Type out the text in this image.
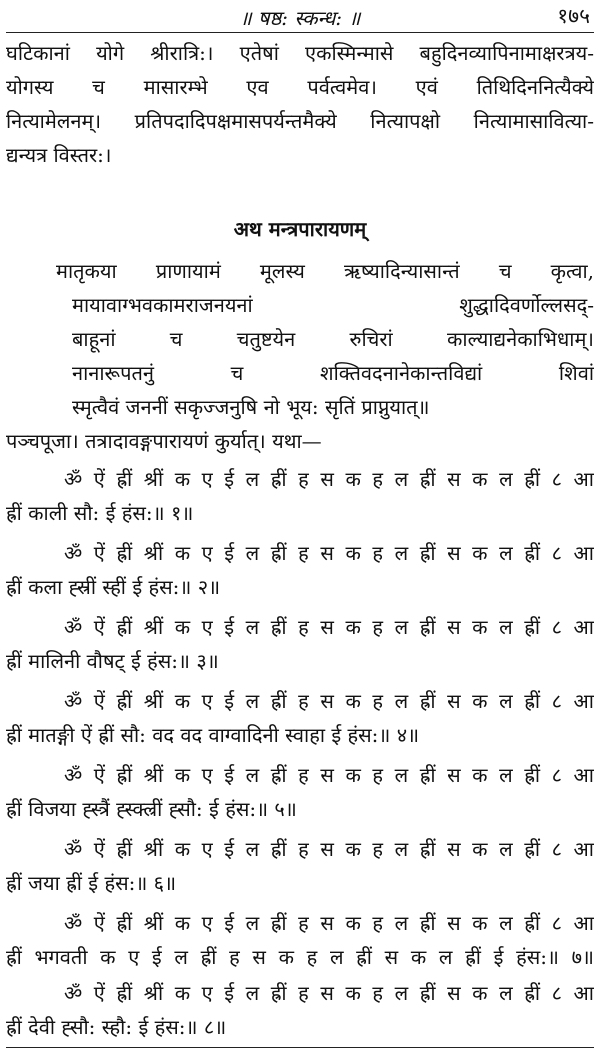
॥ षष्ठ: स्कन्ध: ॥	१७५
घटिकानां योगे श्रीरात्रि:। एतेषां एकस्मिन्मासे बहुदिनव्यापिनामाक्षरत्रय-
योगस्य च मासारम्भे एव पर्वत्वमेव। एवं तिथिदिननित्यैक्ये
नित्यामेलनम्। प्रतिपदादिपक्षमासपर्यन्तमैक्ये नित्यापक्षो नित्यामासावित्या-
द्यन्यत्र विस्तर:।
अथ मन्त्रपारायणम्
मातृकया प्राणायामं मूलस्य ऋष्यादिन्यासान्तं च कृत्वा,
मायावाग्भवकामराजनयनां शुद्धादिवर्णोल्लसद्-
बाहूनां च चतुष्टयेन रुचिरां काल्याद्यनेकाभिधाम्।
नानारूपतनुं च शक्तिवदनानेकान्तविद्यां शिवां
स्मृत्वैवं जननीं सकृज्जनुषि नो भूय: सृतिं प्राप्नुयात्॥
पञ्चपूजा। तत्रादावङ्गपारायणं कुर्यात्। यथा—
ॐ ऐं ह्रीं श्रीं क ए ई ल ह्रीं ह स क ह ल ह्रीं स क ल ह्रीं ८ आ
ह्रीं काली सौ: ई हंस:॥ १॥
ॐ ऐं ह्रीं श्रीं क ए ई ल ह्रीं ह स क ह ल ह्रीं स क ल ह्रीं ८ आ
ह्रीं कला ह्स्रीं स्हीं ई हंस:॥ २॥
ॐ ऐं ह्रीं श्रीं क ए ई ल ह्रीं ह स क ह ल ह्रीं स क ल ह्रीं ८ आ
ह्रीं मालिनी वौषट् ई हंस:॥ ३॥
ॐ ऐं ह्रीं श्रीं क ए ई ल ह्रीं ह स क ह ल ह्रीं स क ल ह्रीं ८ आ
ह्रीं मातङ्गी ऐं ह्रीं सौ: वद वद वाग्वादिनी स्वाहा ई हंस:॥ ४॥
ॐ ऐं ह्रीं श्रीं क ए ई ल ह्रीं ह स क ह ल ह्रीं स क ल ह्रीं ८ आ
ह्रीं विजया ह्स्त्रैं ह्स्क्ल्रीं ह्सौ: ई हंस:॥ ५॥
ॐ ऐं ह्रीं श्रीं क ए ई ल ह्रीं ह स क ह ल ह्रीं स क ल ह्रीं ८ आ
ह्रीं जया ह्रीं ई हंस:॥ ६॥
ॐ ऐं ह्रीं श्रीं क ए ई ल ह्रीं ह स क ह ल ह्रीं स क ल ह्रीं ८ आ
ह्रीं भगवती क ए ई ल ह्रीं ह स क ह ल ह्रीं स क ल ह्रीं ई हंस:॥ ७॥
ॐ ऐं ह्रीं श्रीं क ए ई ल ह्रीं ह स क ह ल ह्रीं स क ल ह्रीं ८ आ
ह्रीं देवी ह्सौ: स्हौ: ई हंस:॥ ८॥
